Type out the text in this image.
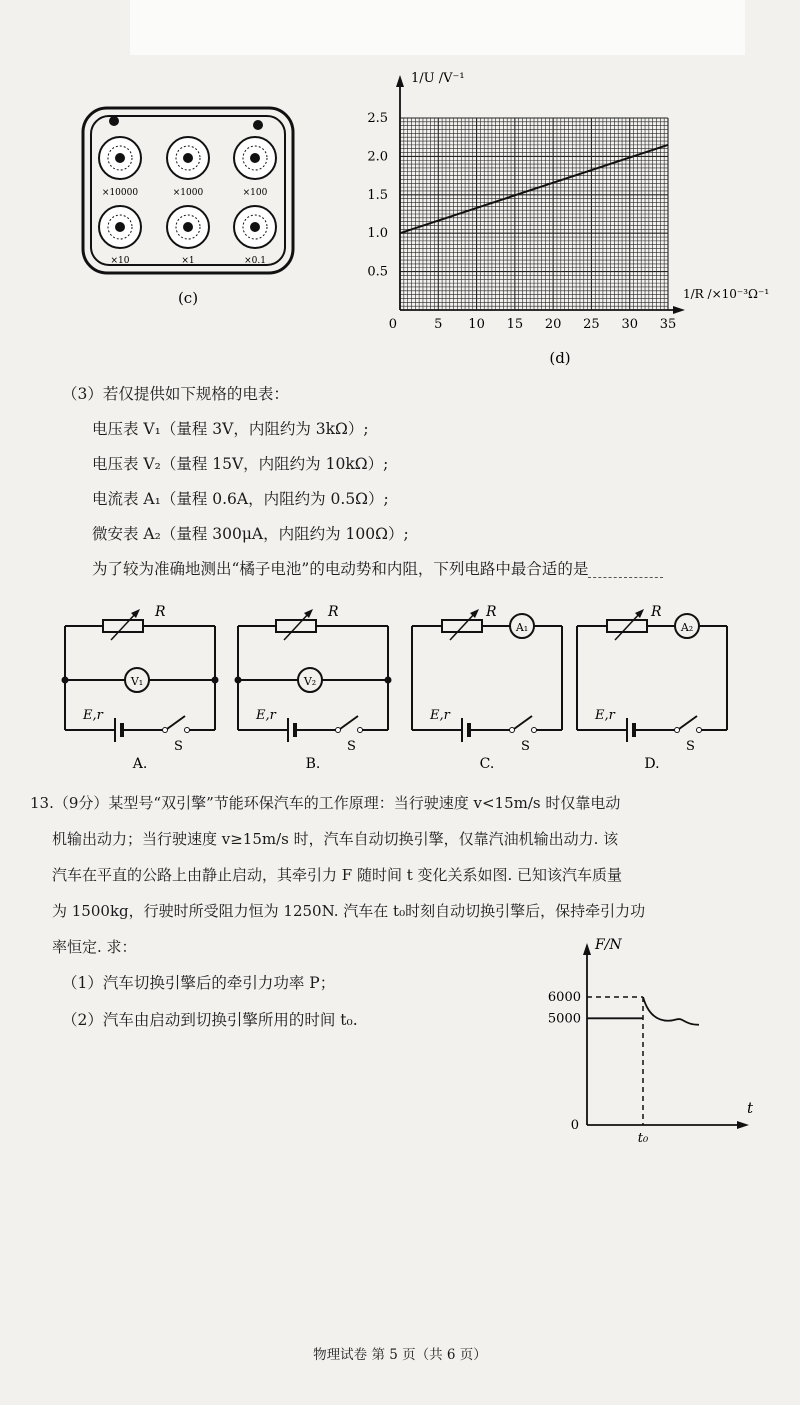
×10000	×1000	×100
×10	×1	×0.1
(c)
2.5
2.0
1.5
1.0
0.5
5 10 15 20 25 30 35
1/U /V⁻¹
1/R /×10⁻³Ω⁻¹
0
(d)
（3）若仅提供如下规格的电表：
电压表 V₁（量程 3V，内阻约为 3kΩ）;
电压表 V₂（量程 15V，内阻约为 10kΩ）;
电流表 A₁（量程 0.6A，内阻约为 0.5Ω）;
微安表 A₂（量程 300μA，内阻约为 100Ω）;
为了较为准确地测出“橘子电池”的电动势和内阻，下列电路中最合适的是
R
V₁
E,r
S
A.
R
V₂
E,r
S
B.
R
A₁
E,r
S
C.
R
A₂
E,r
S
D.
13.（9分）某型号“双引擎”节能环保汽车的工作原理：当行驶速度 v<15m/s 时仅靠电动
机输出动力；当行驶速度 v≥15m/s 时，汽车自动切换引擎，仅靠汽油机输出动力. 该
汽车在平直的公路上由静止启动，其牵引力 F 随时间 t 变化关系如图. 已知该汽车质量
为 1500kg，行驶时所受阻力恒为 1250N. 汽车在 t₀时刻自动切换引擎后，保持牵引力功
率恒定. 求：
（1）汽车切换引擎后的牵引力功率 P；
（2）汽车由启动到切换引擎所用的时间 t₀.
F/N
t
6000
5000
0
t₀
物理试卷 第 5 页（共 6 页）
